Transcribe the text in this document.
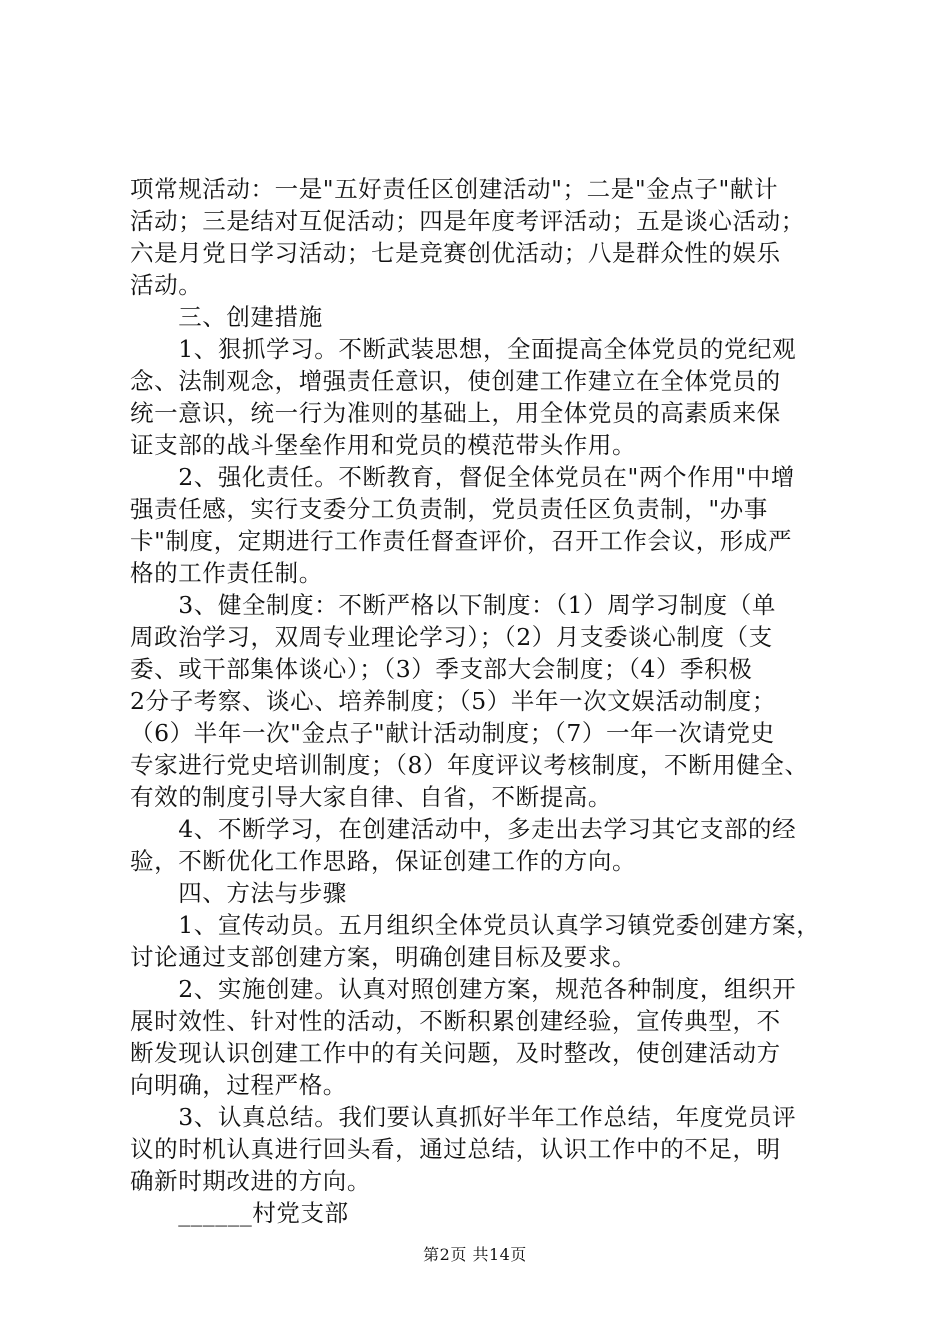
项常规活动：一是"五好责任区创建活动"；二是"金点子"献计
活动；三是结对互促活动；四是年度考评活动；五是谈心活动；
六是月党日学习活动；七是竞赛创优活动；八是群众性的娱乐
活动。
　　三、创建措施
　　1、狠抓学习。不断武装思想，全面提高全体党员的党纪观
念、法制观念，增强责任意识，使创建工作建立在全体党员的
统一意识，统一行为准则的基础上，用全体党员的高素质来保
证支部的战斗堡垒作用和党员的模范带头作用。
　　2、强化责任。不断教育，督促全体党员在"两个作用"中增
强责任感，实行支委分工负责制，党员责任区负责制，"办事
卡"制度，定期进行工作责任督查评价，召开工作会议，形成严
格的工作责任制。
　　3、健全制度：不断严格以下制度：（1）周学习制度（单
周政治学习，双周专业理论学习）；（2）月支委谈心制度（支
委、或干部集体谈心）；（3）季支部大会制度；（4）季积极
2分子考察、谈心、培养制度；（5）半年一次文娱活动制度；
（6）半年一次"金点子"献计活动制度；（7）一年一次请党史
专家进行党史培训制度；（8）年度评议考核制度，不断用健全、
有效的制度引导大家自律、自省，不断提高。
　　4、不断学习，在创建活动中，多走出去学习其它支部的经
验，不断优化工作思路，保证创建工作的方向。
　　四、方法与步骤
　　1、宣传动员。五月组织全体党员认真学习镇党委创建方案，
讨论通过支部创建方案，明确创建目标及要求。
　　2、实施创建。认真对照创建方案，规范各种制度，组织开
展时效性、针对性的活动，不断积累创建经验，宣传典型，不
断发现认识创建工作中的有关问题，及时整改，使创建活动方
向明确，过程严格。
　　3、认真总结。我们要认真抓好半年工作总结，年度党员评
议的时机认真进行回头看，通过总结，认识工作中的不足，明
确新时期改进的方向。
　　______村党支部
第2页 共14页
